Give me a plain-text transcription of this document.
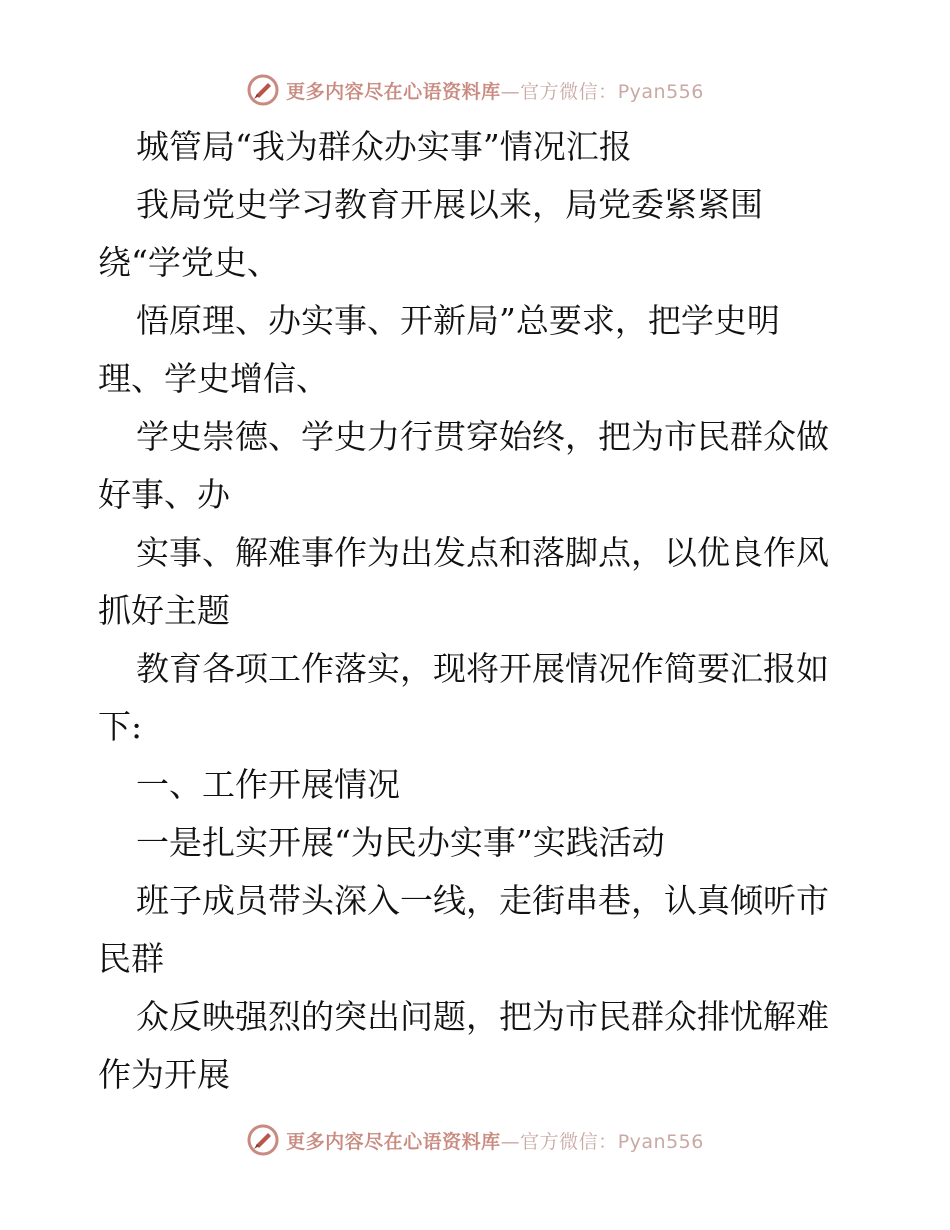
更多内容尽在心语资料库—官方微信：Pyan556

城管局“我为群众办实事”情况汇报

我局党史学习教育开展以来，局党委紧紧围

绕“学党史、

悟原理、办实事、开新局”总要求，把学史明

理、学史增信、

学史崇德、学史力行贯穿始终，把为市民群众做

好事、办

实事、解难事作为出发点和落脚点，以优良作风

抓好主题

教育各项工作落实，现将开展情况作简要汇报如

下:

一、工作开展情况

一是扎实开展“为民办实事”实践活动

班子成员带头深入一线，走街串巷，认真倾听市

民群

众反映强烈的突出问题，把为市民群众排忧解难

作为开展

更多内容尽在心语资料库—官方微信：Pyan556
